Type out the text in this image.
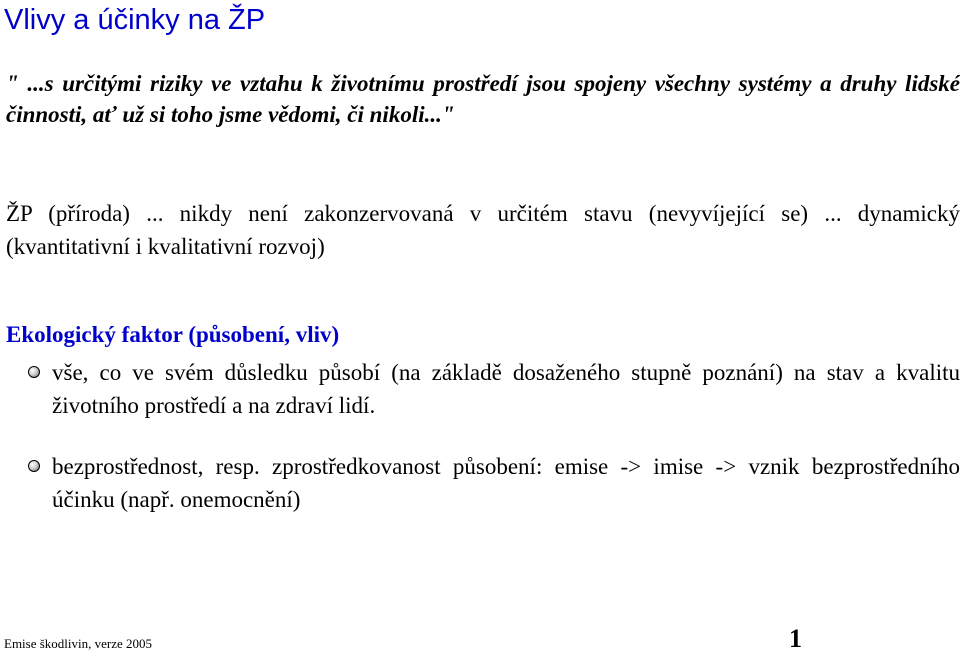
Vlivy a účinky na ŽP
" ...s určitými riziky ve vztahu k životnímu prostředí jsou spojeny všechny systémy a druhy lidské činnosti, ať už si toho jsme vědomi, či nikoli..."
ŽP (příroda) ... nikdy není zakonzervovaná v určitém stavu (nevyvíjející se) ... dynamický (kvantitativní i kvalitativní rozvoj)
Ekologický faktor (působení, vliv)
vše, co ve svém důsledku působí (na základě dosaženého stupně poznání) na stav a kvalitu životního prostředí a na zdraví lidí.
bezprostřednost, resp. zprostředkovanost působení: emise -> imise -> vznik bezprostředního účinku (např. onemocnění)
Emise škodlivin, verze 2005	1
